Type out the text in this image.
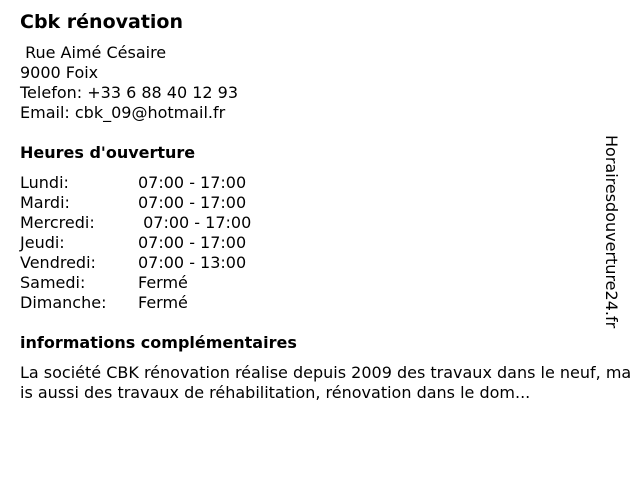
Cbk rénovation
Rue Aimé Césaire
9000 Foix
Telefon: +33 6 88 40 12 93
Email: cbk_09@hotmail.fr
Heures d'ouverture
Lundi:	07:00 - 17:00
Mardi:	07:00 - 17:00
Mercredi:	07:00 - 17:00
Jeudi:	07:00 - 17:00
Vendredi:	07:00 - 13:00
Samedi:	Fermé
Dimanche:	Fermé
informations complémentaires
La société CBK rénovation réalise depuis 2009 des travaux dans le neuf, mais aussi des travaux de réhabilitation, rénovation dans le dom...
Horairesdouverture24.fr
